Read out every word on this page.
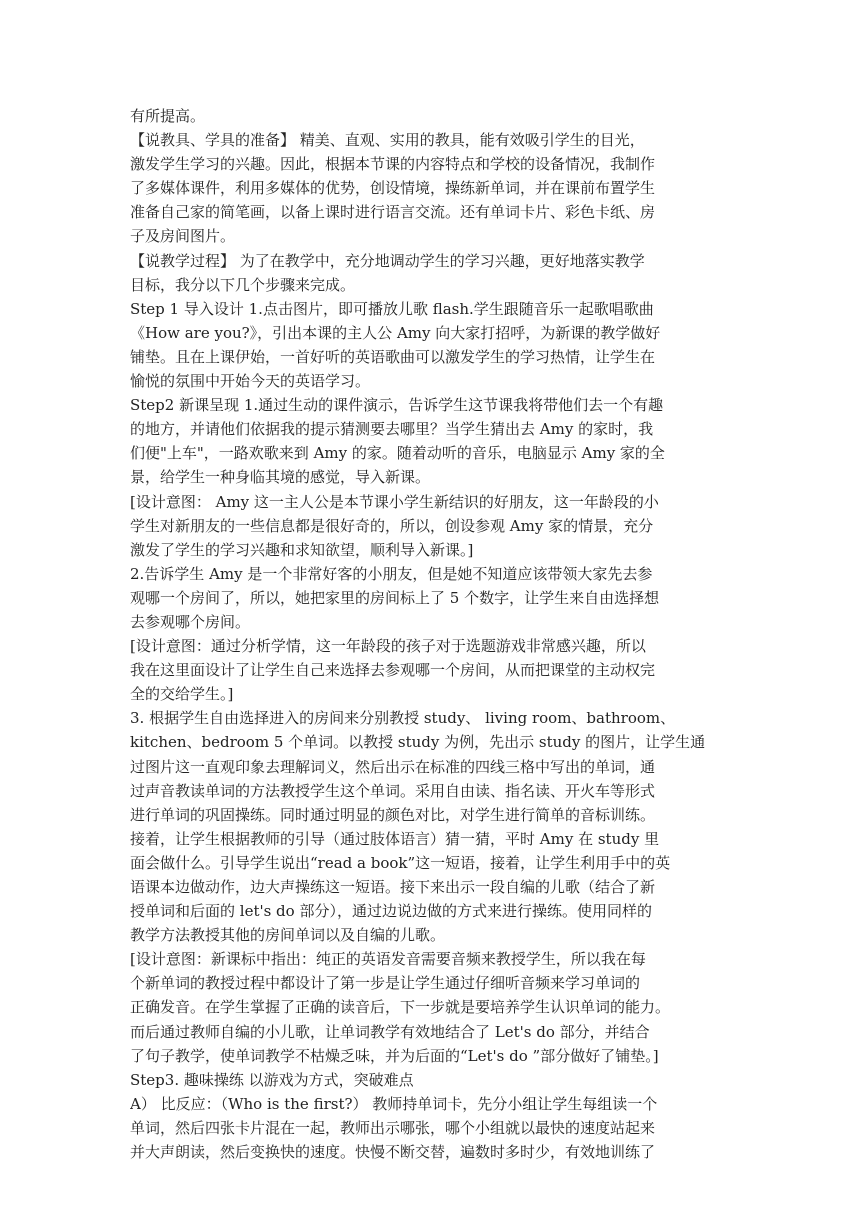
有所提高。
【说教具、学具的准备】 精美、直观、实用的教具，能有效吸引学生的目光，
激发学生学习的兴趣。因此，根据本节课的内容特点和学校的设备情况，我制作
了多媒体课件，利用多媒体的优势，创设情境，操练新单词，并在课前布置学生
准备自己家的简笔画，以备上课时进行语言交流。还有单词卡片、彩色卡纸、房
子及房间图片。
【说教学过程】 为了在教学中，充分地调动学生的学习兴趣，更好地落实教学
目标，我分以下几个步骤来完成。
Step 1 导入设计 1.点击图片，即可播放儿歌 flash.学生跟随音乐一起歌唱歌曲
《How are you?》，引出本课的主人公 Amy 向大家打招呼，为新课的教学做好
铺垫。且在上课伊始，一首好听的英语歌曲可以激发学生的学习热情，让学生在
愉悦的氛围中开始今天的英语学习。
Step2 新课呈现 1.通过生动的课件演示，告诉学生这节课我将带他们去一个有趣
的地方，并请他们依据我的提示猜测要去哪里？当学生猜出去 Amy 的家时，我
们便"上车"，一路欢歌来到 Amy 的家。随着动听的音乐，电脑显示 Amy 家的全
景，给学生一种身临其境的感觉，导入新课。
[设计意图： Amy 这一主人公是本节课小学生新结识的好朋友，这一年龄段的小
学生对新朋友的一些信息都是很好奇的，所以，创设参观 Amy 家的情景，充分
激发了学生的学习兴趣和求知欲望，顺利导入新课。]
2.告诉学生 Amy 是一个非常好客的小朋友，但是她不知道应该带领大家先去参
观哪一个房间了，所以，她把家里的房间标上了 5 个数字，让学生来自由选择想
去参观哪个房间。
[设计意图：通过分析学情，这一年龄段的孩子对于选题游戏非常感兴趣，所以
我在这里面设计了让学生自己来选择去参观哪一个房间，从而把课堂的主动权完
全的交给学生。]
3. 根据学生自由选择进入的房间来分别教授 study、 living room、bathroom、
kitchen、bedroom 5 个单词。以教授 study 为例，先出示 study 的图片，让学生通
过图片这一直观印象去理解词义，然后出示在标准的四线三格中写出的单词，通
过声音教读单词的方法教授学生这个单词。采用自由读、指名读、开火车等形式
进行单词的巩固操练。同时通过明显的颜色对比，对学生进行简单的音标训练。
接着，让学生根据教师的引导（通过肢体语言）猜一猜，平时 Amy 在 study 里
面会做什么。引导学生说出“read a book”这一短语，接着，让学生利用手中的英
语课本边做动作，边大声操练这一短语。接下来出示一段自编的儿歌（结合了新
授单词和后面的 let's do 部分），通过边说边做的方式来进行操练。使用同样的
教学方法教授其他的房间单词以及自编的儿歌。
[设计意图：新课标中指出：纯正的英语发音需要音频来教授学生，所以我在每
个新单词的教授过程中都设计了第一步是让学生通过仔细听音频来学习单词的
正确发音。在学生掌握了正确的读音后，下一步就是要培养学生认识单词的能力。
而后通过教师自编的小儿歌，让单词教学有效地结合了 Let's do 部分，并结合
了句子教学，使单词教学不枯燥乏味，并为后面的“Let's do ”部分做好了铺垫。]
Step3. 趣味操练 以游戏为方式，突破难点
A） 比反应：（Who is the first?） 教师持单词卡，先分小组让学生每组读一个
单词，然后四张卡片混在一起，教师出示哪张，哪个小组就以最快的速度站起来
并大声朗读，然后变换快的速度。快慢不断交替，遍数时多时少，有效地训练了
